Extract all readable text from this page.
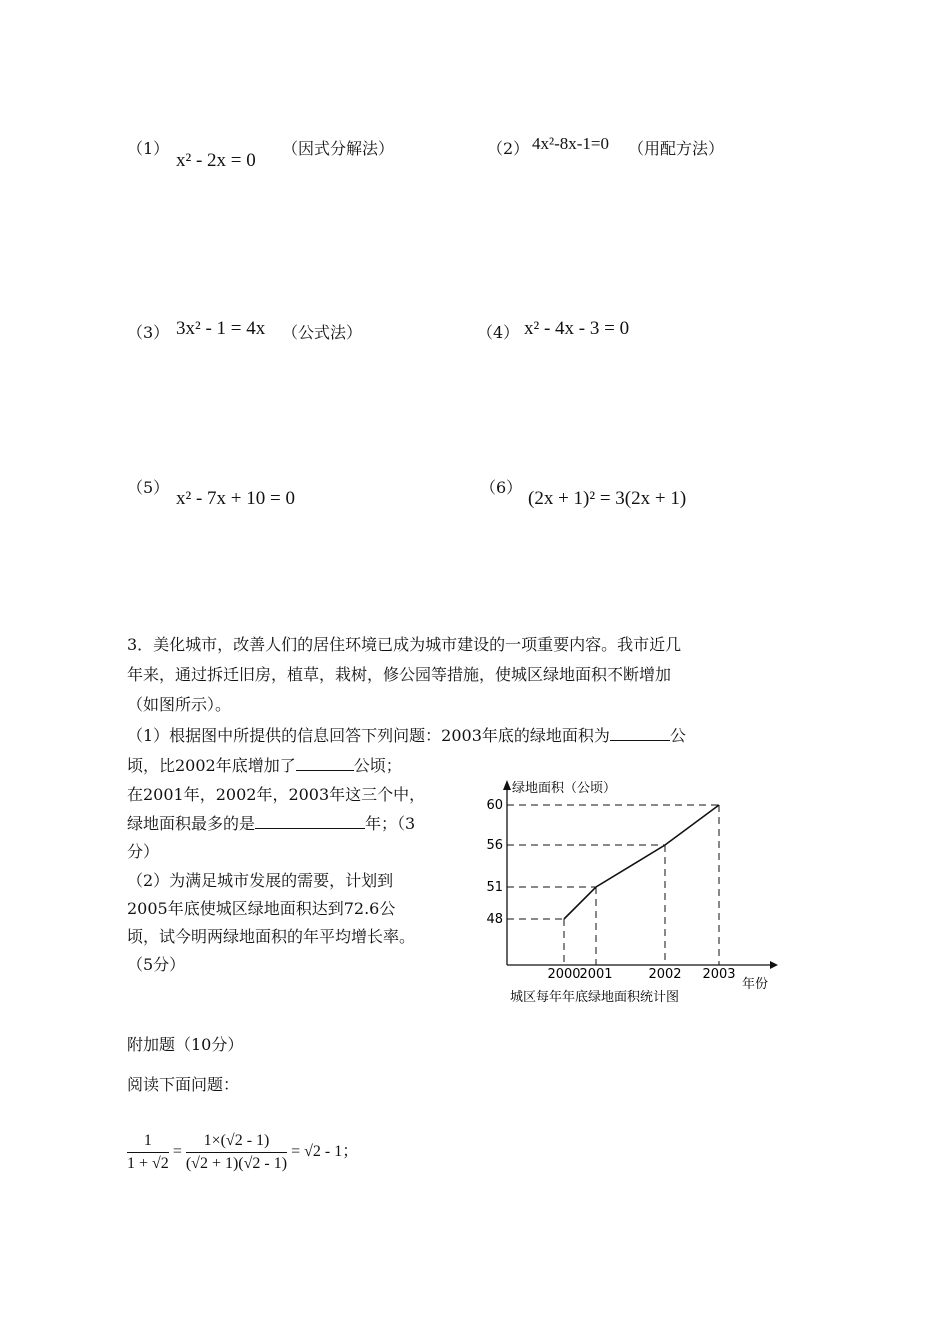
（1）
x² - 2x = 0
（因式分解法）	（2） 4x²-8x-1=0 （用配方法）
（3） 3x² - 1 = 4x （公式法）	（4） x² - 4x - 3 = 0
（5）
x² - 7x + 10 = 0
（6）
(2x + 1)² = 3(2x + 1)
3．美化城市，改善人们的居住环境已成为城市建设的一项重要内容。我市近几
年来，通过拆迁旧房，植草，栽树，修公园等措施，使城区绿地面积不断增加
（如图所示）。
（1）根据图中所提供的信息回答下列问题：2003年底的绿地面积为	公
顷，比2002年底增加了	公顷；
在2001年，2002年，2003年这三个中，
绿地面积最多的是	年；（3
分）
（2）为满足城市发展的需要，计划到
2005年底使城区绿地面积达到72.6公
顷，试今明两绿地面积的年平均增长率。
（5分）
绿地面积（公顷）
年份
48
2000
51
2001
56
2002
60
2003
城区每年年底绿地面积统计图
附加题（10分）
阅读下面问题：
$\frac{1}{1 + √2} = \frac{1\times(√2 - 1)}{(√2 + 1)(√2 - 1)} = √2 - 1$；
